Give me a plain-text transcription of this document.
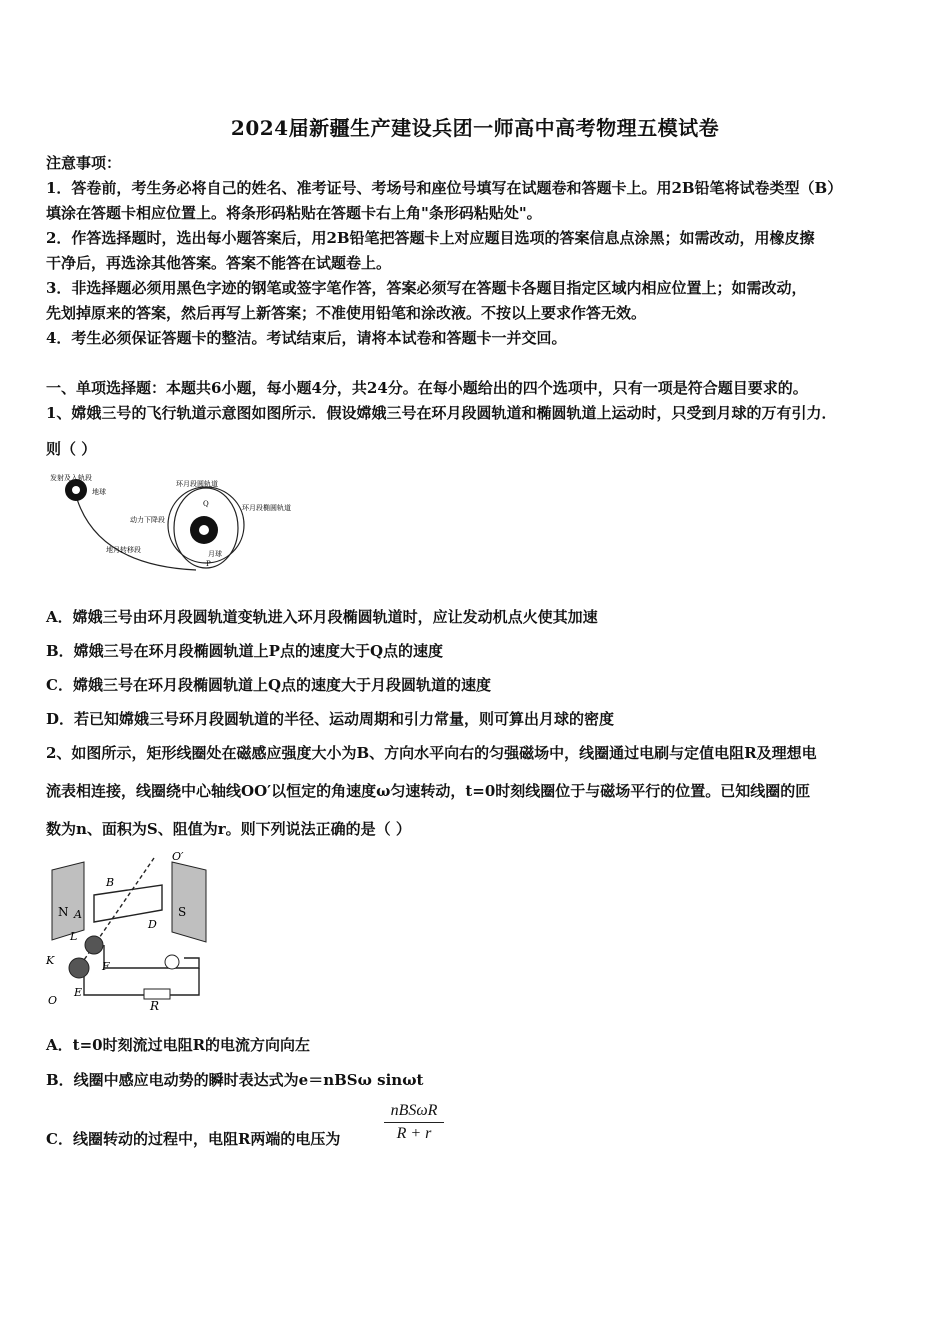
2024届新疆生产建设兵团一师高中高考物理五模试卷
注意事项：
1．答卷前，考生务必将自己的姓名、准考证号、考场号和座位号填写在试题卷和答题卡上。用2B铅笔将试卷类型（B）
填涂在答题卡相应位置上。将条形码粘贴在答题卡右上角"条形码粘贴处"。
2．作答选择题时，选出每小题答案后，用2B铅笔把答题卡上对应题目选项的答案信息点涂黑；如需改动，用橡皮擦
干净后，再选涂其他答案。答案不能答在试题卷上。
3．非选择题必须用黑色字迹的钢笔或签字笔作答，答案必须写在答题卡各题目指定区域内相应位置上；如需改动，
先划掉原来的答案，然后再写上新答案；不准使用铅笔和涂改液。不按以上要求作答无效。
4．考生必须保证答题卡的整洁。考试结束后，请将本试卷和答题卡一并交回。
一、单项选择题：本题共6小题，每小题4分，共24分。在每小题给出的四个选项中，只有一项是符合题目要求的。
1、嫦娥三号的飞行轨道示意图如图所示．假设嫦娥三号在环月段圆轨道和椭圆轨道上运动时，只受到月球的万有引力．
则（ ）
发射及入轨段
地球
环月段圆轨道
Q	环月段椭圆轨道
动力下降段
地月转移段	月球
P
A．嫦娥三号由环月段圆轨道变轨进入环月段椭圆轨道时，应让发动机点火使其加速
B．嫦娥三号在环月段椭圆轨道上P点的速度大于Q点的速度
C．嫦娥三号在环月段椭圆轨道上Q点的速度大于月段圆轨道的速度
D．若已知嫦娥三号环月段圆轨道的半径、运动周期和引力常量，则可算出月球的密度
2、如图所示，矩形线圈处在磁感应强度大小为B、方向水平向右的匀强磁场中，线圈通过电刷与定值电阻R及理想电
流表相连接，线圈绕中心轴线OO′以恒定的角速度ω匀速转动，t=0时刻线圈位于与磁场平行的位置。已知线圈的匝
数为n、面积为S、阻值为r。则下列说法正确的是（ ）
O′
B
N	S
A
D
L
K	F
E
O	R
A．t=0时刻流过电阻R的电流方向向左
B．线圈中感应电动势的瞬时表达式为e＝nBSω sinωt
C．线圈转动的过程中，电阻R两端的电压为
nBSωR
R + r
